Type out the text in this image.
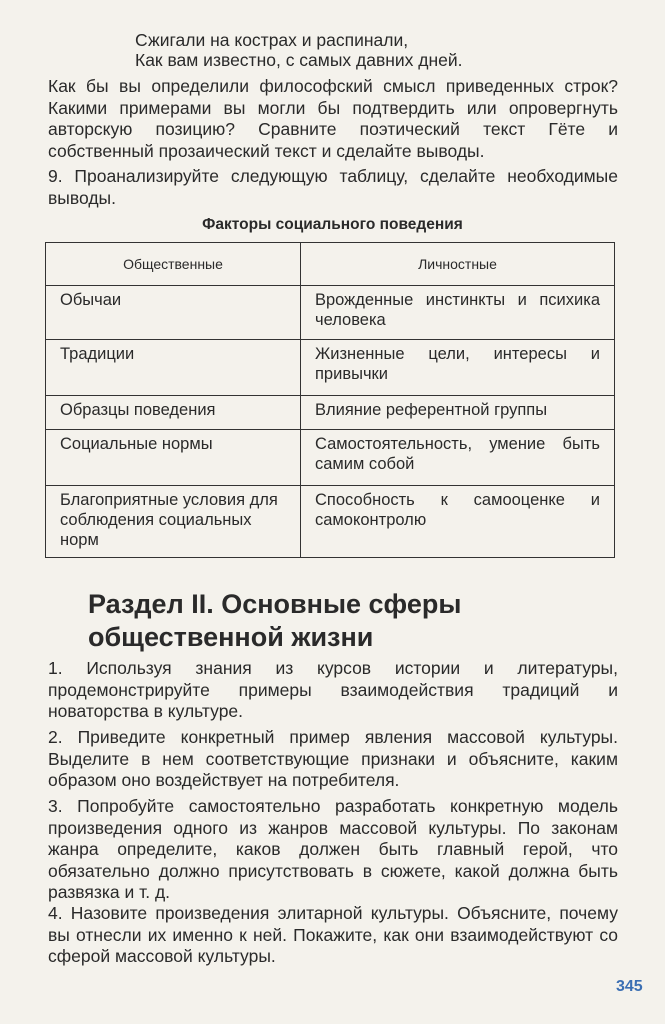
Сжигали на кострах и распинали,
Как вам известно, с самых давних дней.
Как бы вы определили философский смысл приведенных строк? Какими примерами вы могли бы подтвердить или опровергнуть авторскую позицию? Сравните поэтический текст Гёте и собственный прозаический текст и сделайте выводы.
9. Проанализируйте следующую таблицу, сделайте необходимые выводы.
Факторы социального поведения
Общественные	Личностные
Обычаи	Врожденные инстинкты и психика человека
Традиции	Жизненные цели, интересы и привычки
Образцы поведения	Влияние референтной группы
Социальные нормы	Самостоятельность, умение быть самим собой
Благоприятные условия для соблюдения социальных норм	Способность к самооценке и самоконтролю
Раздел II. Основные сферы
общественной жизни
1. Используя знания из курсов истории и литературы, продемонстрируйте примеры взаимодействия традиций и новаторства в культуре.
2. Приведите конкретный пример явления массовой культуры. Выделите в нем соответствующие признаки и объясните, каким образом оно воздействует на потребителя.
3. Попробуйте самостоятельно разработать конкретную модель произведения одного из жанров массовой культуры. По законам жанра определите, каков должен быть главный герой, что обязательно должно присутствовать в сюжете, какой должна быть развязка и т. д.
4. Назовите произведения элитарной культуры. Объясните, почему вы отнесли их именно к ней. Покажите, как они взаимодействуют со сферой массовой культуры.
345
